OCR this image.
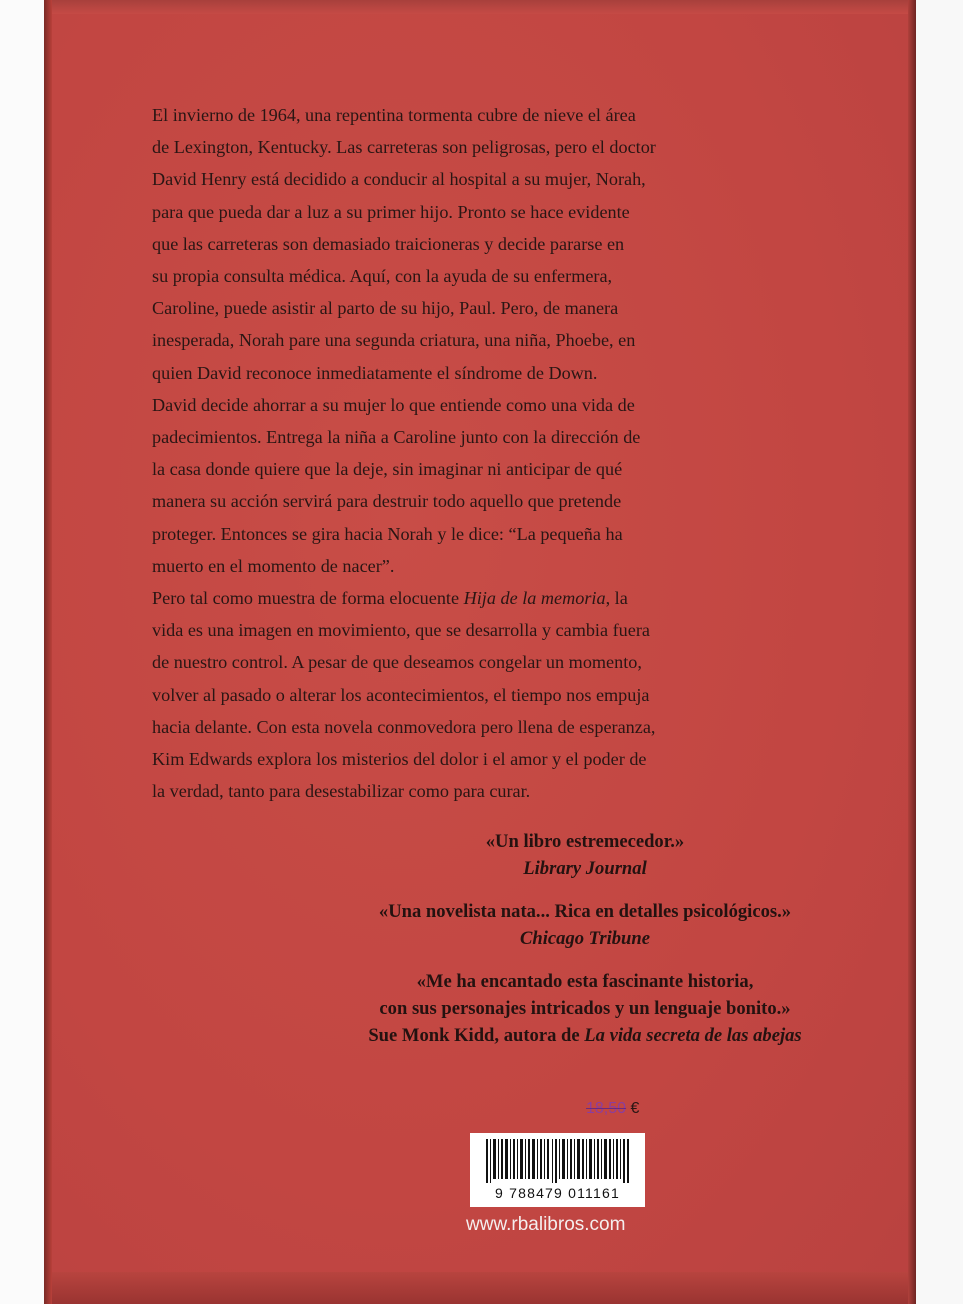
El invierno de 1964, una repentina tormenta cubre de nieve el área
de Lexington, Kentucky. Las carreteras son peligrosas, pero el doctor
David Henry está decidido a conducir al hospital a su mujer, Norah,
para que pueda dar a luz a su primer hijo. Pronto se hace evidente
que las carreteras son demasiado traicioneras y decide pararse en
su propia consulta médica. Aquí, con la ayuda de su enfermera,
Caroline, puede asistir al parto de su hijo, Paul. Pero, de manera
inesperada, Norah pare una segunda criatura, una niña, Phoebe, en
quien David reconoce inmediatamente el síndrome de Down.
David decide ahorrar a su mujer lo que entiende como una vida de
padecimientos. Entrega la niña a Caroline junto con la dirección de
la casa donde quiere que la deje, sin imaginar ni anticipar de qué
manera su acción servirá para destruir todo aquello que pretende
proteger. Entonces se gira hacia Norah y le dice: “La pequeña ha
muerto en el momento de nacer”.

Pero tal como muestra de forma elocuente Hija de la memoria, la
vida es una imagen en movimiento, que se desarrolla y cambia fuera
de nuestro control. A pesar de que deseamos congelar un momento,
volver al pasado o alterar los acontecimientos, el tiempo nos empuja
hacia delante. Con esta novela conmovedora pero llena de esperanza,
Kim Edwards explora los misterios del dolor i el amor y el poder de
la verdad, tanto para desestabilizar como para curar.

«Un libro estremecedor.»
Library Journal
«Una novelista nata... Rica en detalles psicológicos.»
Chicago Tribune
«Me ha encantado esta fascinante historia,
con sus personajes intricados y un lenguaje bonito.»
Sue Monk Kidd, autora de La vida secreta de las abejas
18,50 €
9 788479 011161
www.rbalibros.com
